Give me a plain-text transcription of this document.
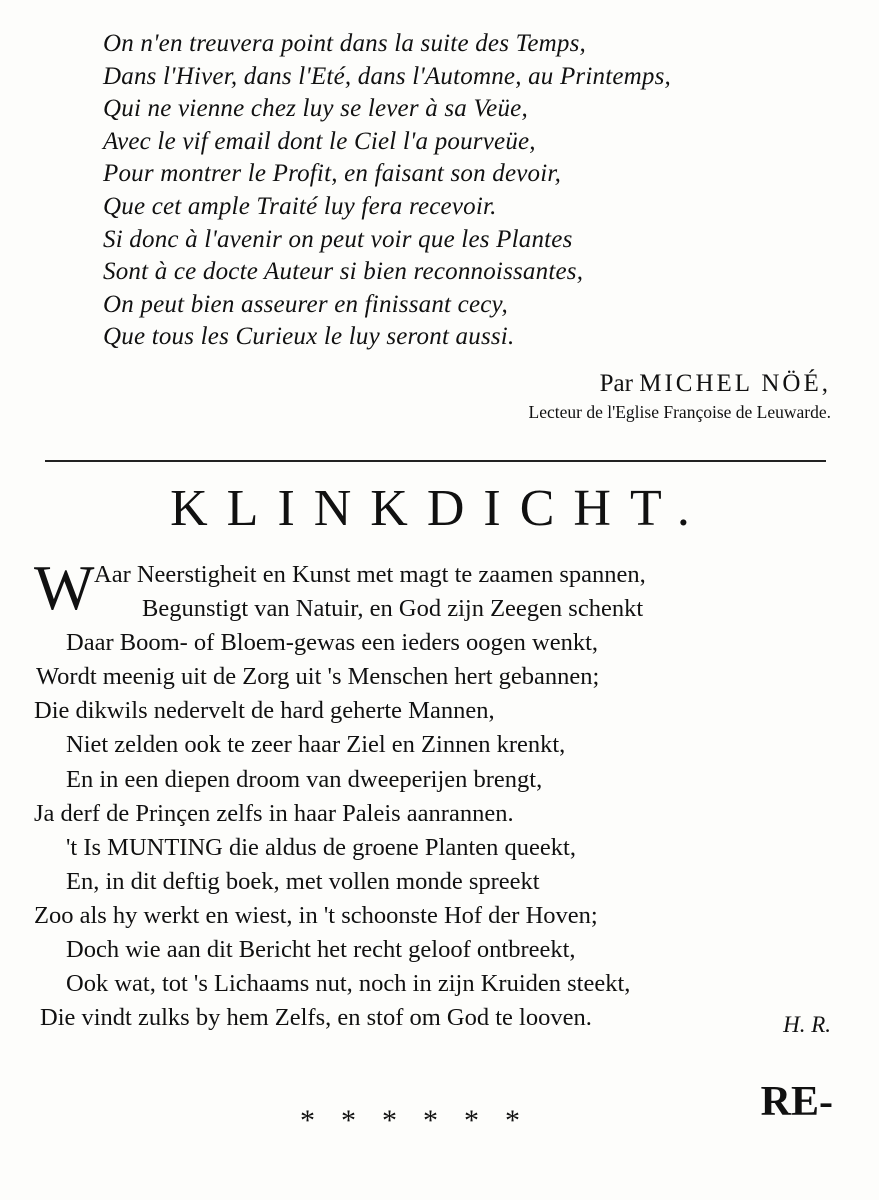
On n'en treuvera point dans la suite des Temps,
Dans l'Hiver, dans l'Eté, dans l'Automne, au Printemps,
Qui ne vienne chez luy se lever à sa Veüe,
Avec le vif email dont le Ciel l'a pourveüe,
Pour montrer le Profit, en faisant son devoir,
Que cet ample Traité luy fera recevoir.
Si donc à l'avenir on peut voir que les Plantes
Sont à ce docte Auteur si bien reconnoissantes,
On peut bien asseurer en finissant cecy,
Que tous les Curieux le luy seront aussi.
Par MICHEL NÖÉ,
Lecteur de l'Eglise Françoise de Leuwarde.
KLINKDICHT.
W Aar Neerstigheit en Kunst met magt te zaamen spannen,
Begunstigt van Natuir, en God zijn Zeegen schenkt
Daar Boom- of Bloem-gewas een ieders oogen wenkt,
Wordt meenig uit de Zorg uit 's Menschen hert gebannen;
Die dikwils nedervelt de hard geherte Mannen,
Niet zelden ook te zeer haar Ziel en Zinnen krenkt,
En in een diepen droom van dweeperijen brengt,
Ja derf de Prinçen zelfs in haar Paleis aanrannen.
't Is MUNTING die aldus de groene Planten queekt,
En, in dit deftig boek, met vollen monde spreekt
Zoo als hy werkt en wiest, in 't schoonste Hof der Hoven;
Doch wie aan dit Bericht het recht geloof ontbreekt,
Ook wat, tot 's Lichaams nut, noch in zijn Kruiden steekt,
Die vindt zulks by hem Zelfs, en stof om God te looven.	H. R.
******	RE-
